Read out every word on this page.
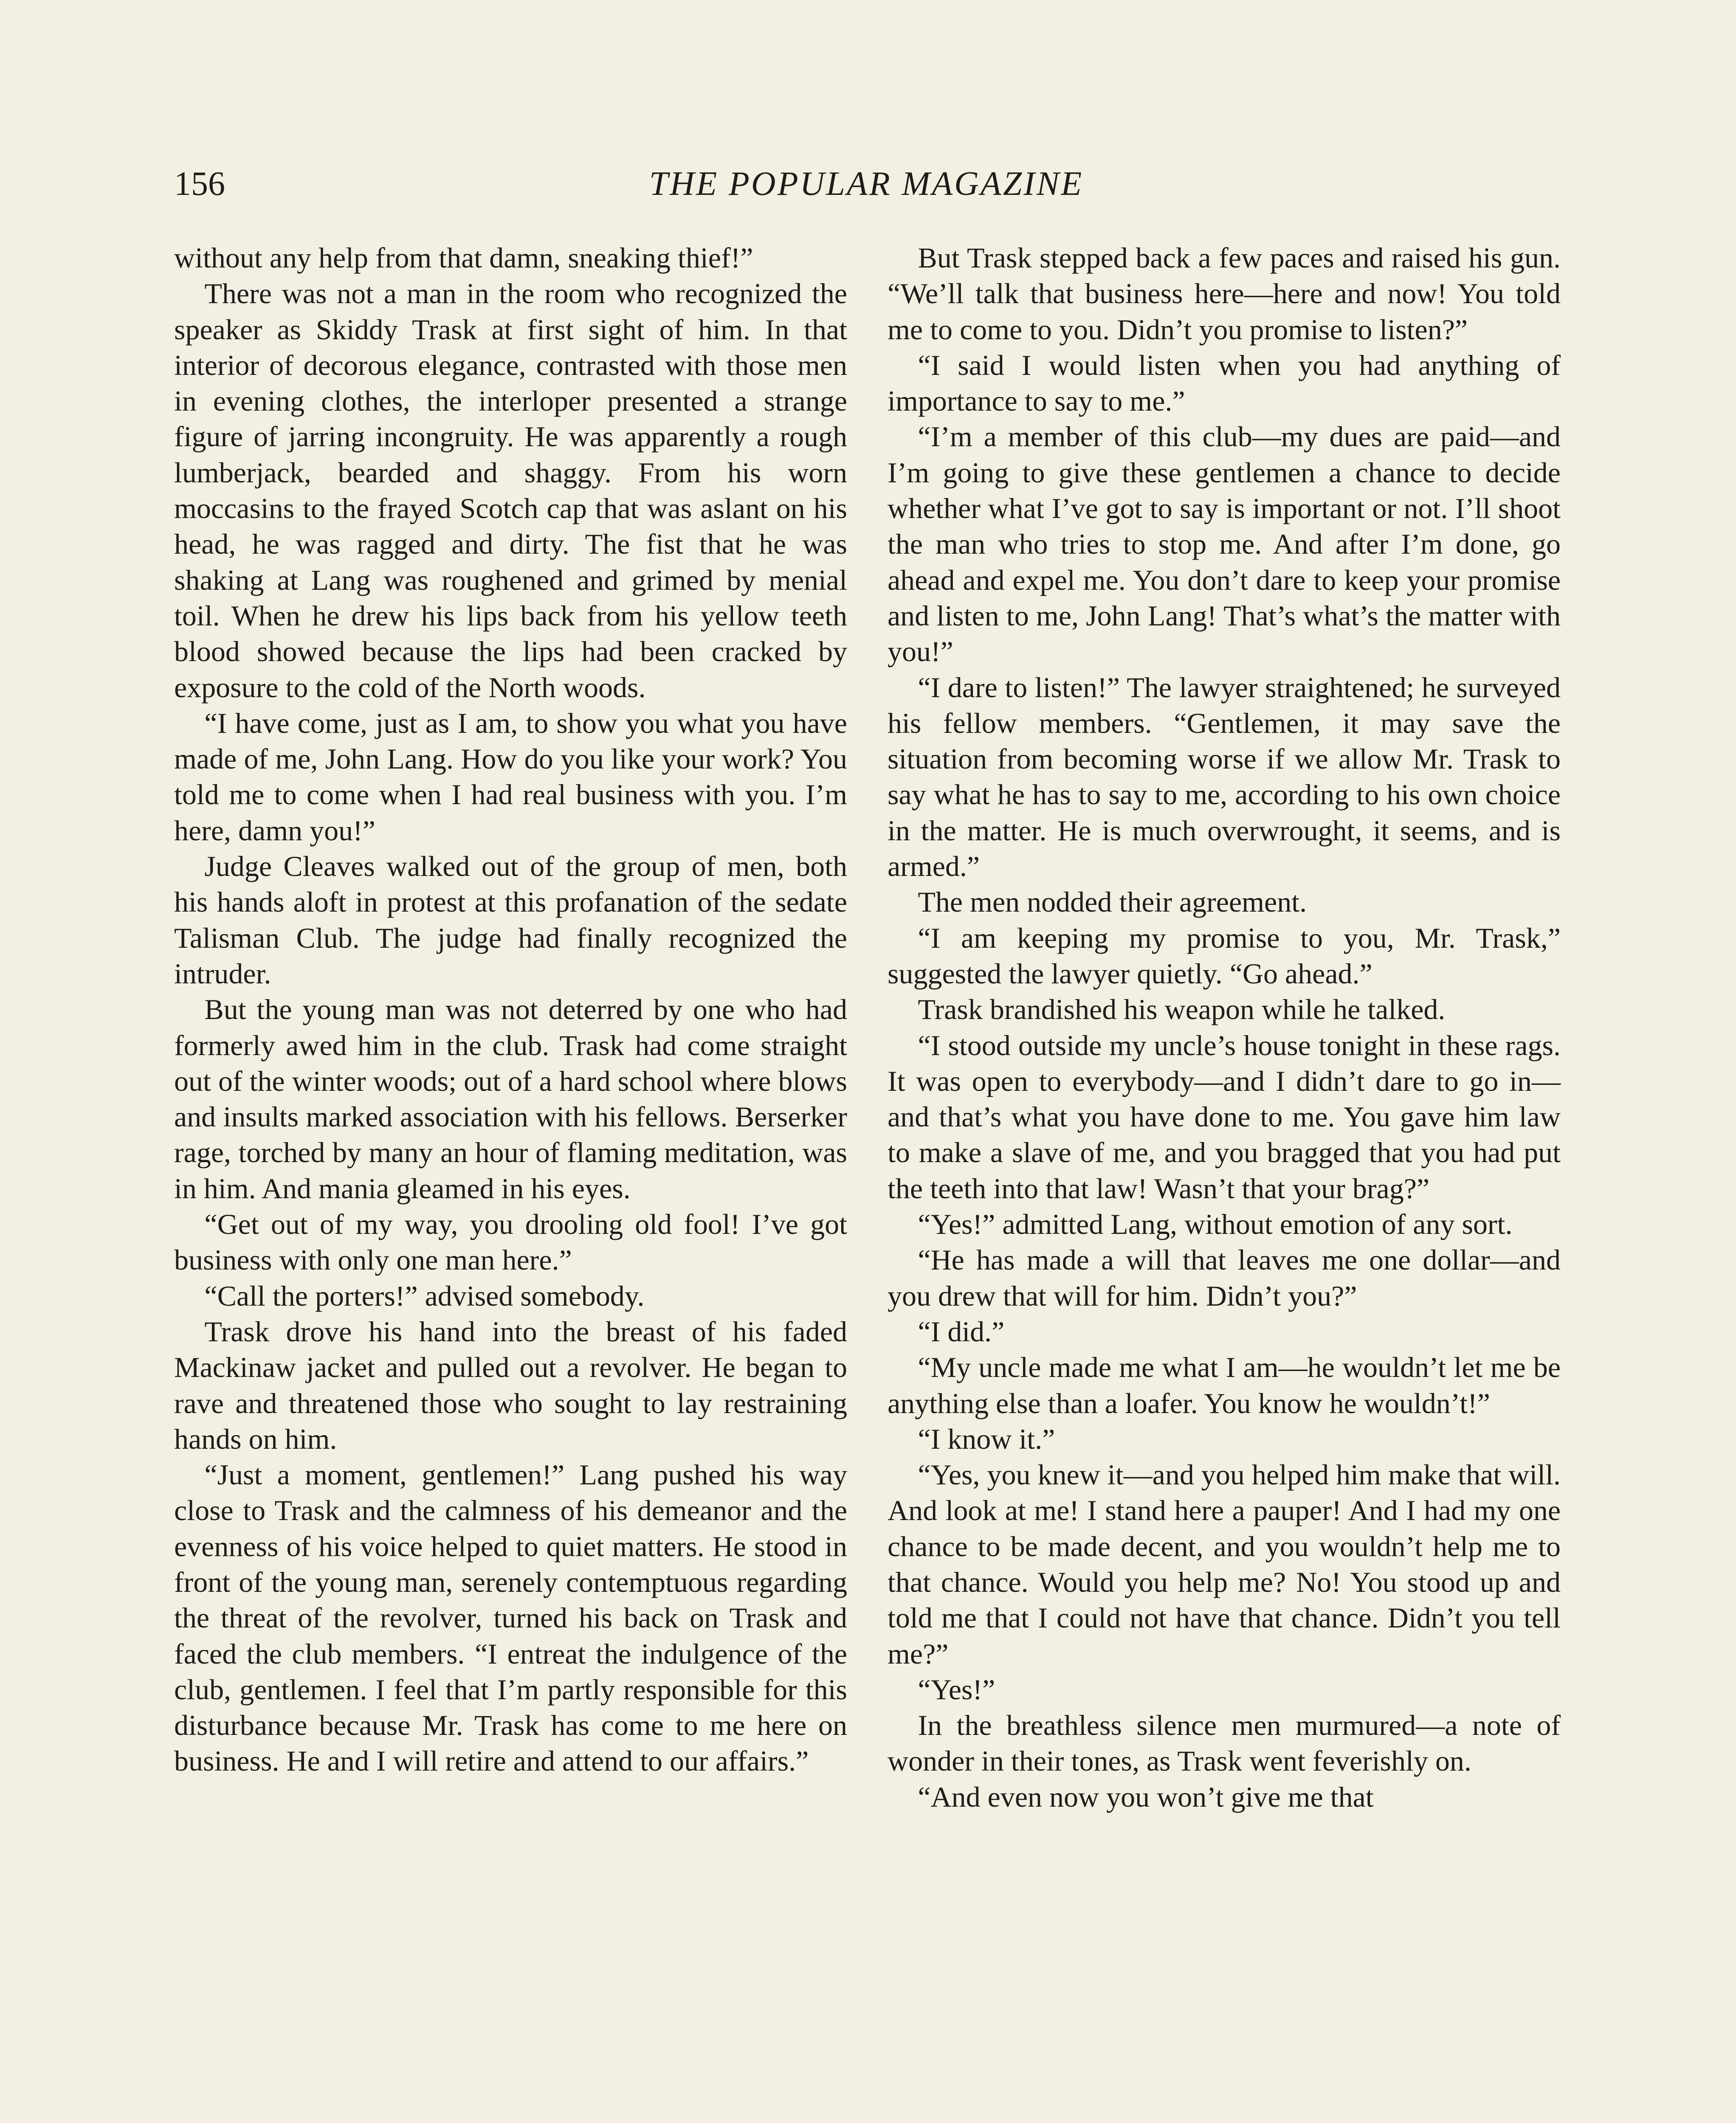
156	THE POPULAR MAGAZINE

without any help from that damn, sneaking thief!”

There was not a man in the room who recognized the speaker as Skiddy Trask at first sight of him. In that interior of decorous elegance, contrasted with those men in evening clothes, the interloper presented a strange figure of jarring incongruity. He was apparently a rough lumberjack, bearded and shaggy. From his worn moccasins to the frayed Scotch cap that was aslant on his head, he was ragged and dirty. The fist that he was shaking at Lang was roughened and grimed by menial toil. When he drew his lips back from his yellow teeth blood showed because the lips had been cracked by exposure to the cold of the North woods.

“I have come, just as I am, to show you what you have made of me, John Lang. How do you like your work? You told me to come when I had real business with you. I’m here, damn you!”

Judge Cleaves walked out of the group of men, both his hands aloft in protest at this profanation of the sedate Talisman Club. The judge had finally recognized the intruder.

But the young man was not deterred by one who had formerly awed him in the club. Trask had come straight out of the winter woods; out of a hard school where blows and insults marked association with his fellows. Berserker rage, torched by many an hour of flaming meditation, was in him. And mania gleamed in his eyes.

“Get out of my way, you drooling old fool! I’ve got business with only one man here.”

“Call the porters!” advised somebody.

Trask drove his hand into the breast of his faded Mackinaw jacket and pulled out a revolver. He began to rave and threatened those who sought to lay restraining hands on him.

“Just a moment, gentlemen!” Lang pushed his way close to Trask and the calmness of his demeanor and the evenness of his voice helped to quiet matters. He stood in front of the young man, serenely contemptuous regarding the threat of the revolver, turned his back on Trask and faced the club members. “I entreat the indulgence of the club, gentlemen. I feel that I’m partly responsible for this disturbance because Mr. Trask has come to me here on business. He and I will retire and attend to our affairs.”

But Trask stepped back a few paces and raised his gun. “We’ll talk that business here—here and now! You told me to come to you. Didn’t you promise to listen?”

“I said I would listen when you had anything of importance to say to me.”

“I’m a member of this club—my dues are paid—and I’m going to give these gentlemen a chance to decide whether what I’ve got to say is important or not. I’ll shoot the man who tries to stop me. And after I’m done, go ahead and expel me. You don’t dare to keep your promise and listen to me, John Lang! That’s what’s the matter with you!”

“I dare to listen!” The lawyer straightened; he surveyed his fellow members. “Gentlemen, it may save the situation from becoming worse if we allow Mr. Trask to say what he has to say to me, according to his own choice in the matter. He is much overwrought, it seems, and is armed.”

The men nodded their agreement.

“I am keeping my promise to you, Mr. Trask,” suggested the lawyer quietly. “Go ahead.”

Trask brandished his weapon while he talked.

“I stood outside my uncle’s house tonight in these rags. It was open to everybody—and I didn’t dare to go in—and that’s what you have done to me. You gave him law to make a slave of me, and you bragged that you had put the teeth into that law! Wasn’t that your brag?”

“Yes!” admitted Lang, without emotion of any sort.

“He has made a will that leaves me one dollar—and you drew that will for him. Didn’t you?”

“I did.”

“My uncle made me what I am—he wouldn’t let me be anything else than a loafer. You know he wouldn’t!”

“I know it.”

“Yes, you knew it—and you helped him make that will. And look at me! I stand here a pauper! And I had my one chance to be made decent, and you wouldn’t help me to that chance. Would you help me? No! You stood up and told me that I could not have that chance. Didn’t you tell me?”

“Yes!”

In the breathless silence men murmured—a note of wonder in their tones, as Trask went feverishly on.

“And even now you won’t give me that
